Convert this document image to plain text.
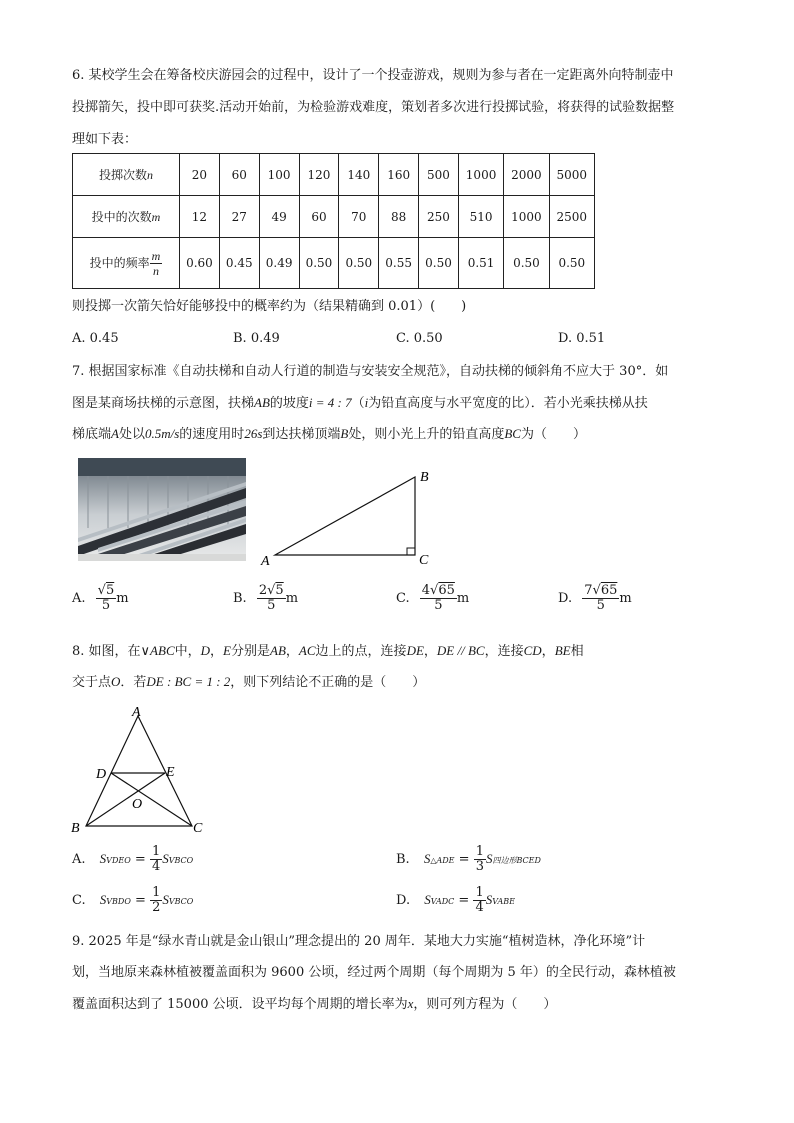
6. 某校学生会在筹备校庆游园会的过程中，设计了一个投壶游戏，规则为参与者在一定距离外向特制壶中
投掷箭矢，投中即可获奖.活动开始前，为检验游戏难度，策划者多次进行投掷试验，将获得的试验数据整
理如下表：
投掷次数n	20	60	100	120	140	160	500	1000	2000	5000
投中的次数m	12	27	49	60	70	88	250	510	1000	2500
投中的频率 $\frac{m}{n}$	0.60	0.45	0.49	0.50	0.50	0.55	0.50	0.51	0.50	0.50
则投掷一次箭矢恰好能够投中的概率约为（结果精确到 0.01）(　　)
A. 0.45	B. 0.49	C. 0.50	D. 0.51
7. 根据国家标准《自动扶梯和自动人行道的制造与安装安全规范》，自动扶梯的倾斜角不应大于 30°．如
图是某商场扶梯的示意图，扶梯AB的坡度i = 4 : 7（i为铅直高度与水平宽度的比）．若小光乘扶梯从扶
梯底端A处以0.5m/s的速度用时26s到达扶梯顶端B处，则小光上升的铅直高度BC为（　　）
A
B
C
A. $\frac{√5}{5}$ m	B. $\frac{2√5}{5}$ m	C. $\frac{4√65}{5}$ m	D. $\frac{7√65}{5}$ m
8. 如图，在∨ABC中，D，E分别是AB，AC边上的点，连接DE，DE // BC，连接CD，BE相
交于点O．若DE : BC = 1 : 2，则下列结论不正确的是（　　）
A
B	C
D	E
O
A. SVDEO = $\frac{1}{4}$ SVBCO	B. S△ADE = $\frac{1}{3}$ S四边形BCED
C. SVBDO = $\frac{1}{2}$ SVBCO	D. SVADC = $\frac{1}{4}$ SVABE
9. 2025 年是“绿水青山就是金山银山”理念提出的 20 周年．某地大力实施“植树造林，净化环境”计
划，当地原来森林植被覆盖面积为 9600 公顷，经过两个周期（每个周期为 5 年）的全民行动，森林植被
覆盖面积达到了 15000 公顷．设平均每个周期的增长率为x，则可列方程为（　　）
